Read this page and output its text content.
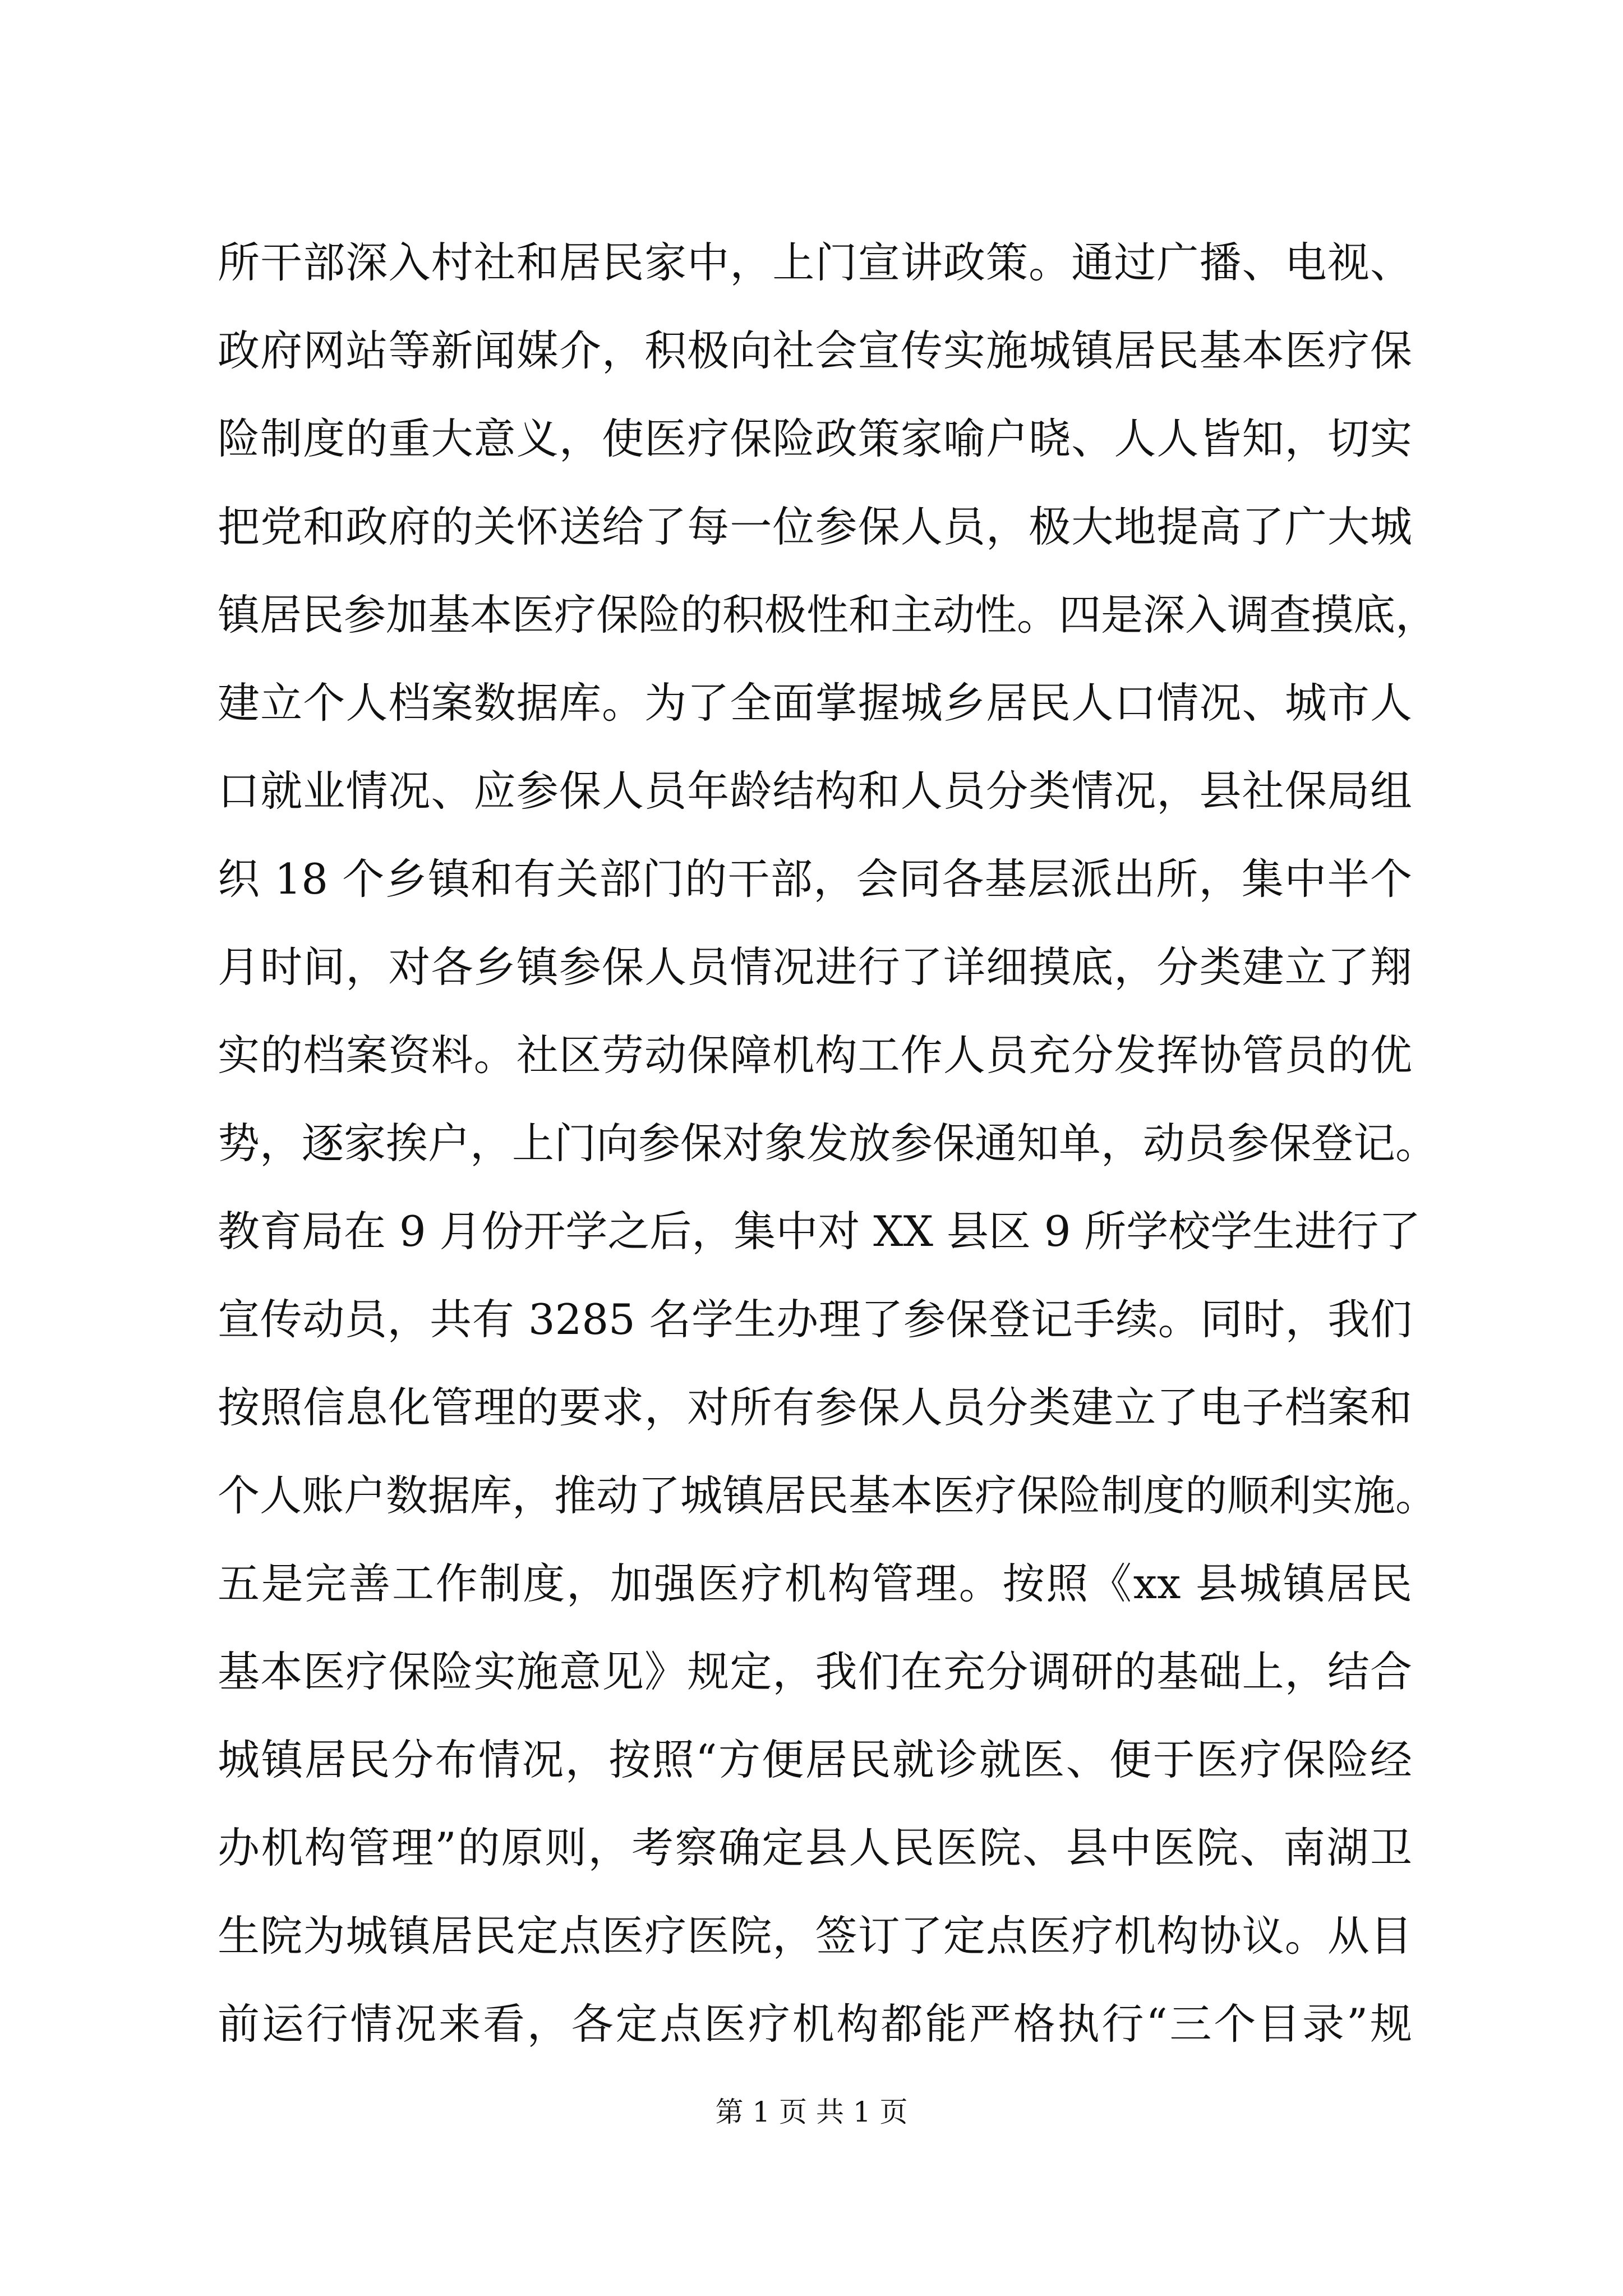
所干部深入村社和居民家中，上门宣讲政策。通过广播、电视、
政府网站等新闻媒介，积极向社会宣传实施城镇居民基本医疗保
险制度的重大意义，使医疗保险政策家喻户晓、人人皆知，切实
把党和政府的关怀送给了每一位参保人员，极大地提高了广大城
镇居民参加基本医疗保险的积极性和主动性。四是深入调查摸底，
建立个人档案数据库。为了全面掌握城乡居民人口情况、城市人
口就业情况、应参保人员年龄结构和人员分类情况，县社保局组
织 18 个乡镇和有关部门的干部，会同各基层派出所，集中半个
月时间，对各乡镇参保人员情况进行了详细摸底，分类建立了翔
实的档案资料。社区劳动保障机构工作人员充分发挥协管员的优
势，逐家挨户，上门向参保对象发放参保通知单，动员参保登记。
教育局在 9 月份开学之后，集中对 XX 县区 9 所学校学生进行了
宣传动员，共有 3285 名学生办理了参保登记手续。同时，我们
按照信息化管理的要求，对所有参保人员分类建立了电子档案和
个人账户数据库，推动了城镇居民基本医疗保险制度的顺利实施。
五是完善工作制度，加强医疗机构管理。按照《xx 县城镇居民
基本医疗保险实施意见》规定，我们在充分调研的基础上，结合
城镇居民分布情况，按照“方便居民就诊就医、便于医疗保险经
办机构管理”的原则，考察确定县人民医院、县中医院、南湖卫
生院为城镇居民定点医疗医院，签订了定点医疗机构协议。从目
前运行情况来看，各定点医疗机构都能严格执行“三个目录”规
第 1 页 共 1 页
